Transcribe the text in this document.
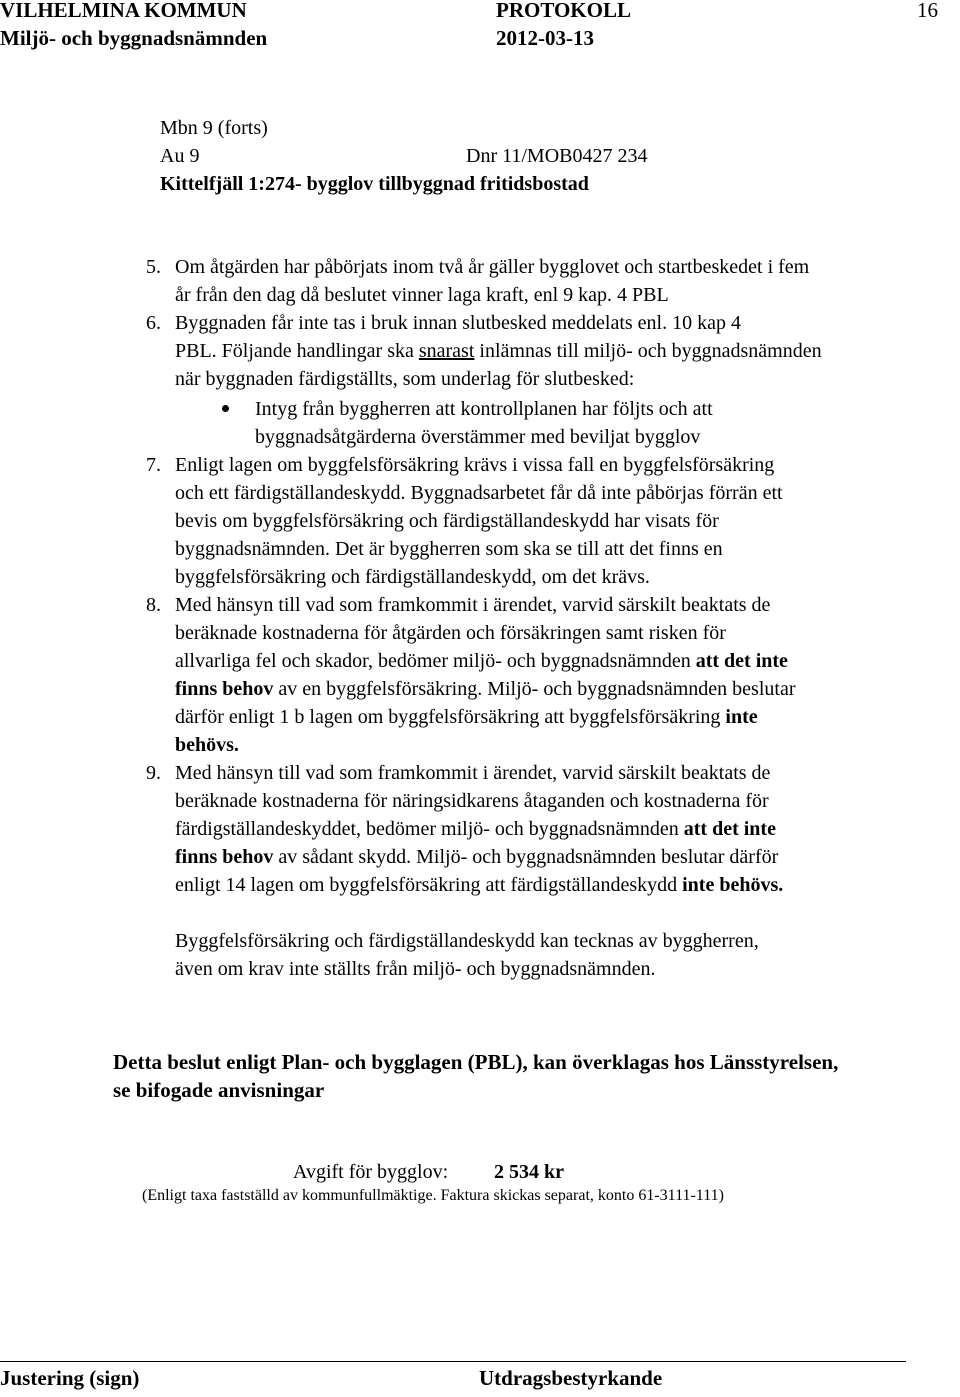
VILHELMINA KOMMUN	PROTOKOLL	16
Miljö- och byggnadsnämnden	2012-03-13
Mbn 9 (forts)
Au 9	Dnr 11/MOB0427 234
Kittelfjäll 1:274- bygglov tillbyggnad fritidsbostad
5. Om åtgärden har påbörjats inom två år gäller bygglovet och startbeskedet i fem
år från den dag då beslutet vinner laga kraft, enl 9 kap. 4 PBL
6. Byggnaden får inte tas i bruk innan slutbesked meddelats enl. 10 kap 4
PBL. Följande handlingar ska snarast inlämnas till miljö- och byggnadsnämnden
när byggnaden färdigställts, som underlag för slutbesked:
Intyg från byggherren att kontrollplanen har följts och att
byggnadsåtgärderna överstämmer med beviljat bygglov
7. Enligt lagen om byggfelsförsäkring krävs i vissa fall en byggfelsförsäkring
och ett färdigställandeskydd. Byggnadsarbetet får då inte påbörjas förrän ett
bevis om byggfelsförsäkring och färdigställandeskydd har visats för
byggnadsnämnden. Det är byggherren som ska se till att det finns en
byggfelsförsäkring och färdigställandeskydd, om det krävs.
8. Med hänsyn till vad som framkommit i ärendet, varvid särskilt beaktats de
beräknade kostnaderna för åtgärden och försäkringen samt risken för
allvarliga fel och skador, bedömer miljö- och byggnadsnämnden att det inte
finns behov av en byggfelsförsäkring. Miljö- och byggnadsnämnden beslutar
därför enligt 1 b lagen om byggfelsförsäkring att byggfelsförsäkring inte
behövs.
9. Med hänsyn till vad som framkommit i ärendet, varvid särskilt beaktats de
beräknade kostnaderna för näringsidkarens åtaganden och kostnaderna för
färdigställandeskyddet, bedömer miljö- och byggnadsnämnden att det inte
finns behov av sådant skydd. Miljö- och byggnadsnämnden beslutar därför
enligt 14 lagen om byggfelsförsäkring att färdigställandeskydd inte behövs.
Byggfelsförsäkring och färdigställandeskydd kan tecknas av byggherren,
även om krav inte ställts från miljö- och byggnadsnämnden.
Detta beslut enligt Plan- och bygglagen (PBL), kan överklagas hos Länsstyrelsen,
se bifogade anvisningar
Avgift för bygglov: 2 534 kr
(Enligt taxa fastställd av kommunfullmäktige. Faktura skickas separat, konto 61-3111-111)
Justering (sign)	Utdragsbestyrkande
